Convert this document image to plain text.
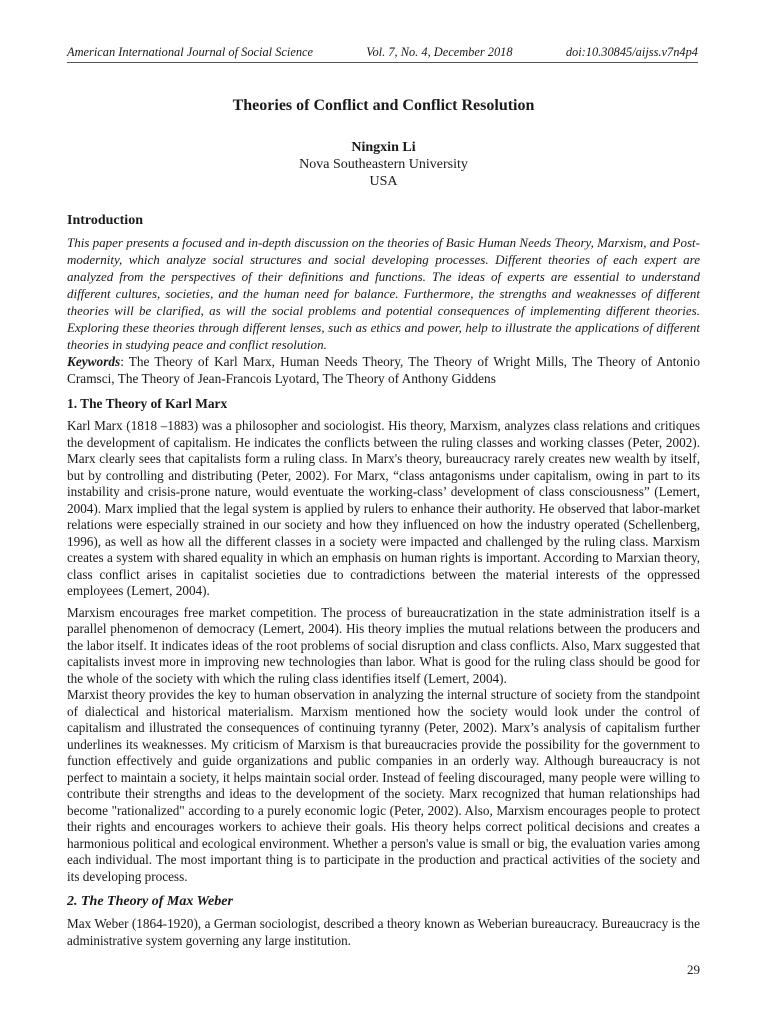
American International Journal of Social Science	Vol. 7, No. 4, December 2018	doi:10.30845/aijss.v7n4p4
Theories of Conflict and Conflict Resolution
Ningxin Li
Nova Southeastern University
USA
Introduction

This paper presents a focused and in-depth discussion on the theories of Basic Human Needs Theory, Marxism, and Post-modernity, which analyze social structures and social developing processes. Different theories of each expert are analyzed from the perspectives of their definitions and functions. The ideas of experts are essential to understand different cultures, societies, and the human need for balance. Furthermore, the strengths and weaknesses of different theories will be clarified, as will the social problems and potential consequences of implementing different theories. Exploring these theories through different lenses, such as ethics and power, help to illustrate the applications of different theories in studying peace and conflict resolution.

Keywords: The Theory of Karl Marx, Human Needs Theory, The Theory of Wright Mills, The Theory of Antonio Cramsci, The Theory of Jean-Francois Lyotard, The Theory of Anthony Giddens

1. The Theory of Karl Marx

Karl Marx (1818 –1883) was a philosopher and sociologist. His theory, Marxism, analyzes class relations and critiques the development of capitalism. He indicates the conflicts between the ruling classes and working classes (Peter, 2002). Marx clearly sees that capitalists form a ruling class. In Marx's theory, bureaucracy rarely creates new wealth by itself, but by controlling and distributing (Peter, 2002). For Marx, “class antagonisms under capitalism, owing in part to its instability and crisis-prone nature, would eventuate the working-class’ development of class consciousness” (Lemert, 2004). Marx implied that the legal system is applied by rulers to enhance their authority. He observed that labor-market relations were especially strained in our society and how they influenced on how the industry operated (Schellenberg, 1996), as well as how all the different classes in a society were impacted and challenged by the ruling class. Marxism creates a system with shared equality in which an emphasis on human rights is important. According to Marxian theory, class conflict arises in capitalist societies due to contradictions between the material interests of the oppressed employees (Lemert, 2004).

Marxism encourages free market competition. The process of bureaucratization in the state administration itself is a parallel phenomenon of democracy (Lemert, 2004). His theory implies the mutual relations between the producers and the labor itself. It indicates ideas of the root problems of social disruption and class conflicts. Also, Marx suggested that capitalists invest more in improving new technologies than labor. What is good for the ruling class should be good for the whole of the society with which the ruling class identifies itself (Lemert, 2004).

Marxist theory provides the key to human observation in analyzing the internal structure of society from the standpoint of dialectical and historical materialism. Marxism mentioned how the society would look under the control of capitalism and illustrated the consequences of continuing tyranny (Peter, 2002). Marx’s analysis of capitalism further underlines its weaknesses. My criticism of Marxism is that bureaucracies provide the possibility for the government to function effectively and guide organizations and public companies in an orderly way. Although bureaucracy is not perfect to maintain a society, it helps maintain social order. Instead of feeling discouraged, many people were willing to contribute their strengths and ideas to the development of the society. Marx recognized that human relationships had become "rationalized" according to a purely economic logic (Peter, 2002). Also, Marxism encourages people to protect their rights and encourages workers to achieve their goals. His theory helps correct political decisions and creates a harmonious political and ecological environment. Whether a person's value is small or big, the evaluation varies among each individual. The most important thing is to participate in the production and practical activities of the society and its developing process.

2. The Theory of Max Weber

Max Weber (1864-1920), a German sociologist, described a theory known as Weberian bureaucracy. Bureaucracy is the administrative system governing any large institution.

29
